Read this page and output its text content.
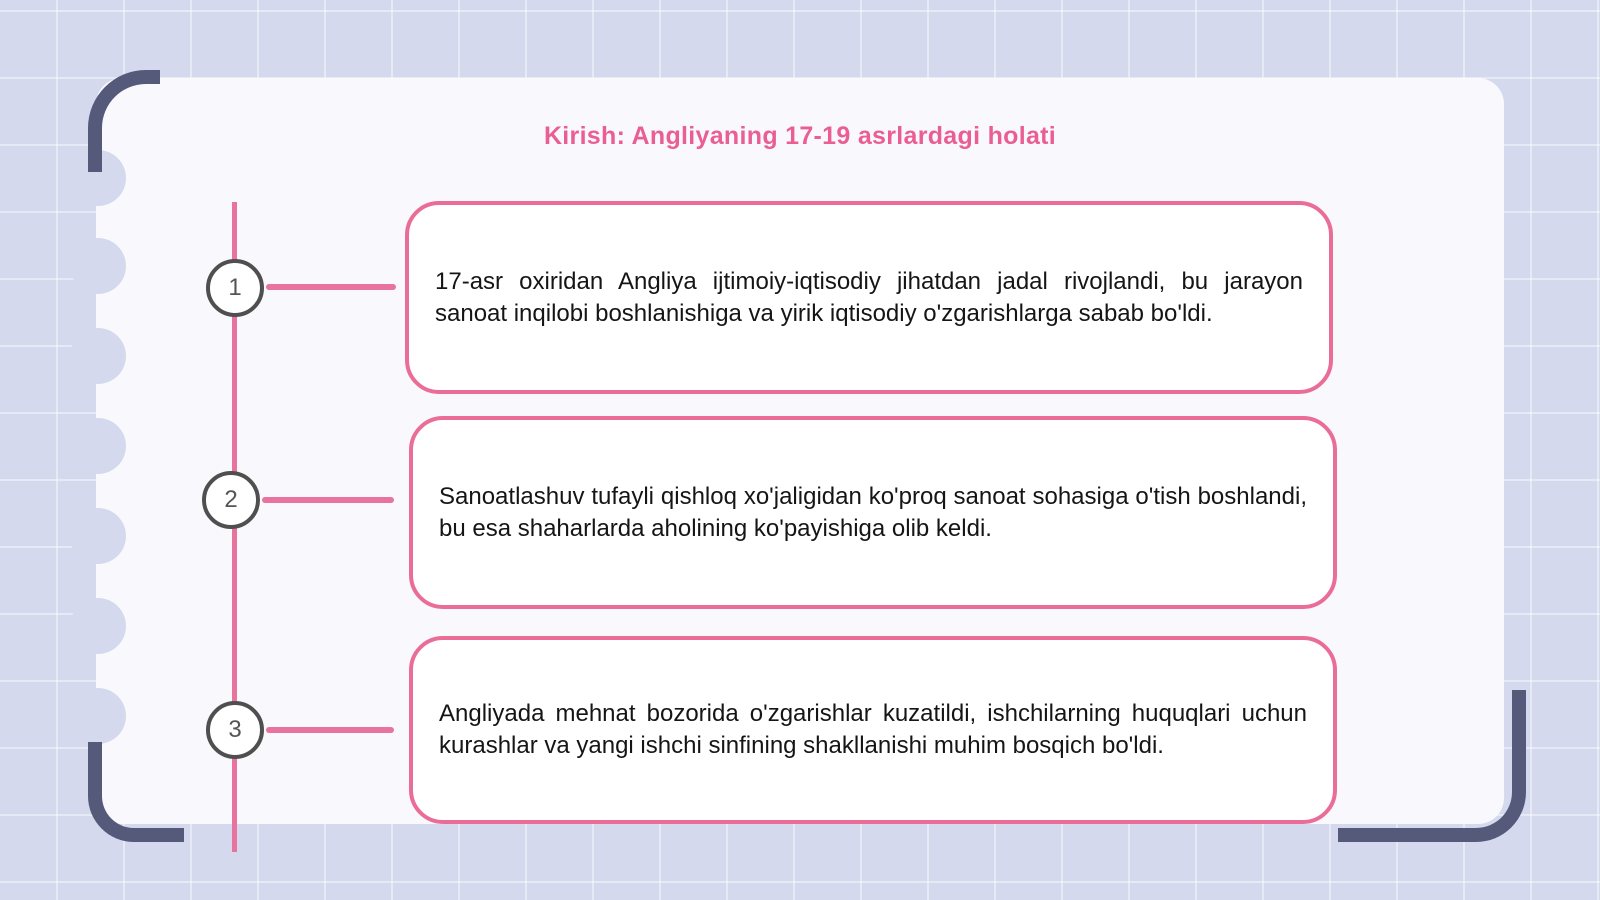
Kirish: Angliyaning 17-19 asrlardagi holati
1
2
3

17-asr oxiridan Angliya ijtimoiy-iqtisodiy jihatdan jadal rivojlandi, bu jarayon sanoat inqilobi boshlanishiga va yirik iqtisodiy o'zgarishlarga sabab bo'ldi.

Sanoatlashuv tufayli qishloq xo'jaligidan ko'proq sanoat sohasiga o'tish boshlandi, bu esa shaharlarda aholining ko'payishiga olib keldi.

Angliyada mehnat bozorida o'zgarishlar kuzatildi, ishchilarning huquqlari uchun kurashlar va yangi ishchi sinfining shakllanishi muhim bosqich bo'ldi.
